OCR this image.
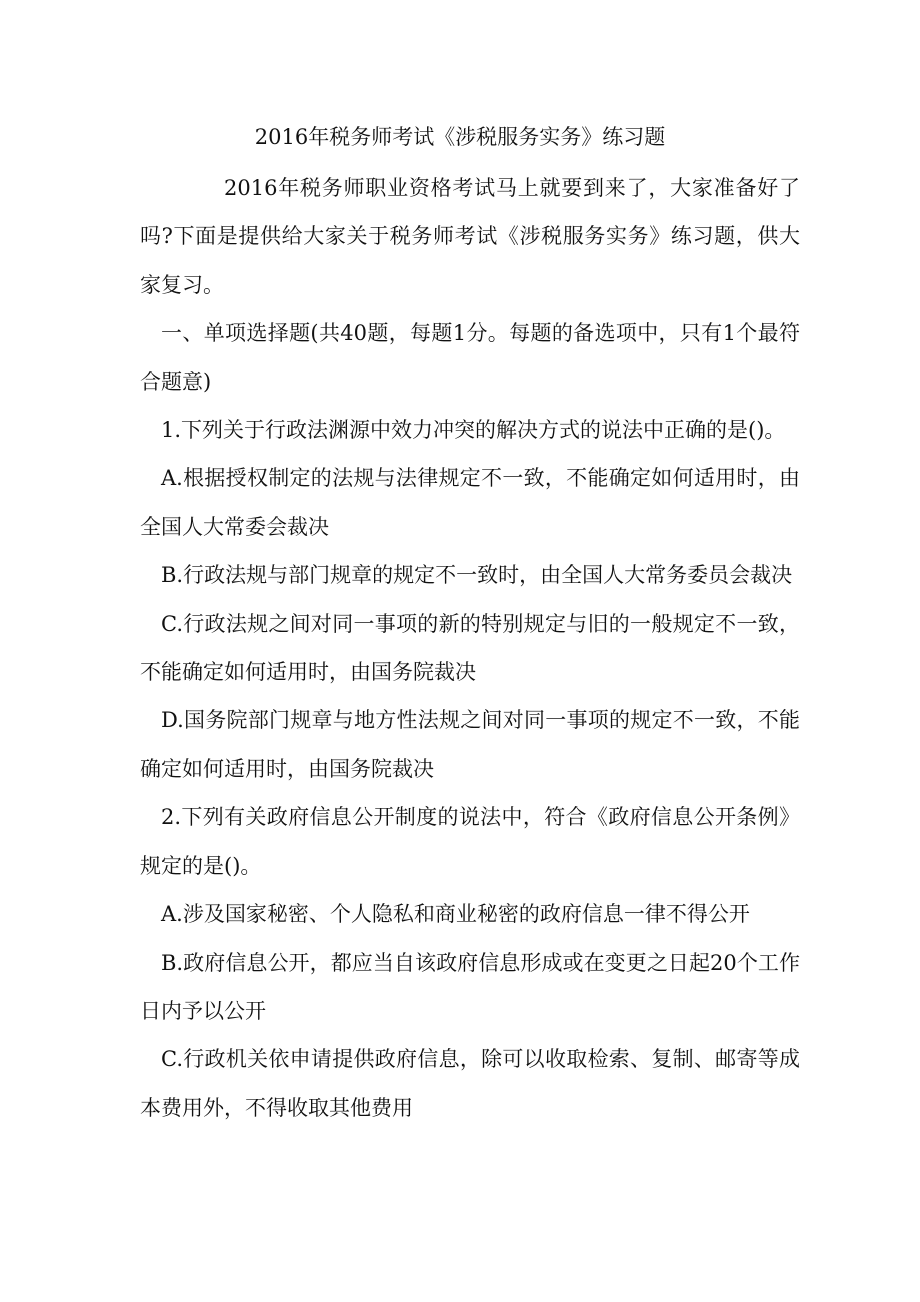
2016年税务师考试《涉税服务实务》练习题

2016年税务师职业资格考试马上就要到来了，大家准备好了吗?下面是提供给大家关于税务师考试《涉税服务实务》练习题，供大家复习。

一、单项选择题(共40题，每题1分。每题的备选项中，只有1个最符合题意)

1.下列关于行政法渊源中效力冲突的解决方式的说法中正确的是()。

A.根据授权制定的法规与法律规定不一致，不能确定如何适用时，由全国人大常委会裁决

B.行政法规与部门规章的规定不一致时，由全国人大常务委员会裁决

C.行政法规之间对同一事项的新的特别规定与旧的一般规定不一致，不能确定如何适用时，由国务院裁决

D.国务院部门规章与地方性法规之间对同一事项的规定不一致，不能确定如何适用时，由国务院裁决

2.下列有关政府信息公开制度的说法中，符合《政府信息公开条例》规定的是()。

A.涉及国家秘密、个人隐私和商业秘密的政府信息一律不得公开

B.政府信息公开，都应当自该政府信息形成或在变更之日起20个工作日内予以公开

C.行政机关依申请提供政府信息，除可以收取检索、复制、邮寄等成本费用外，不得收取其他费用
